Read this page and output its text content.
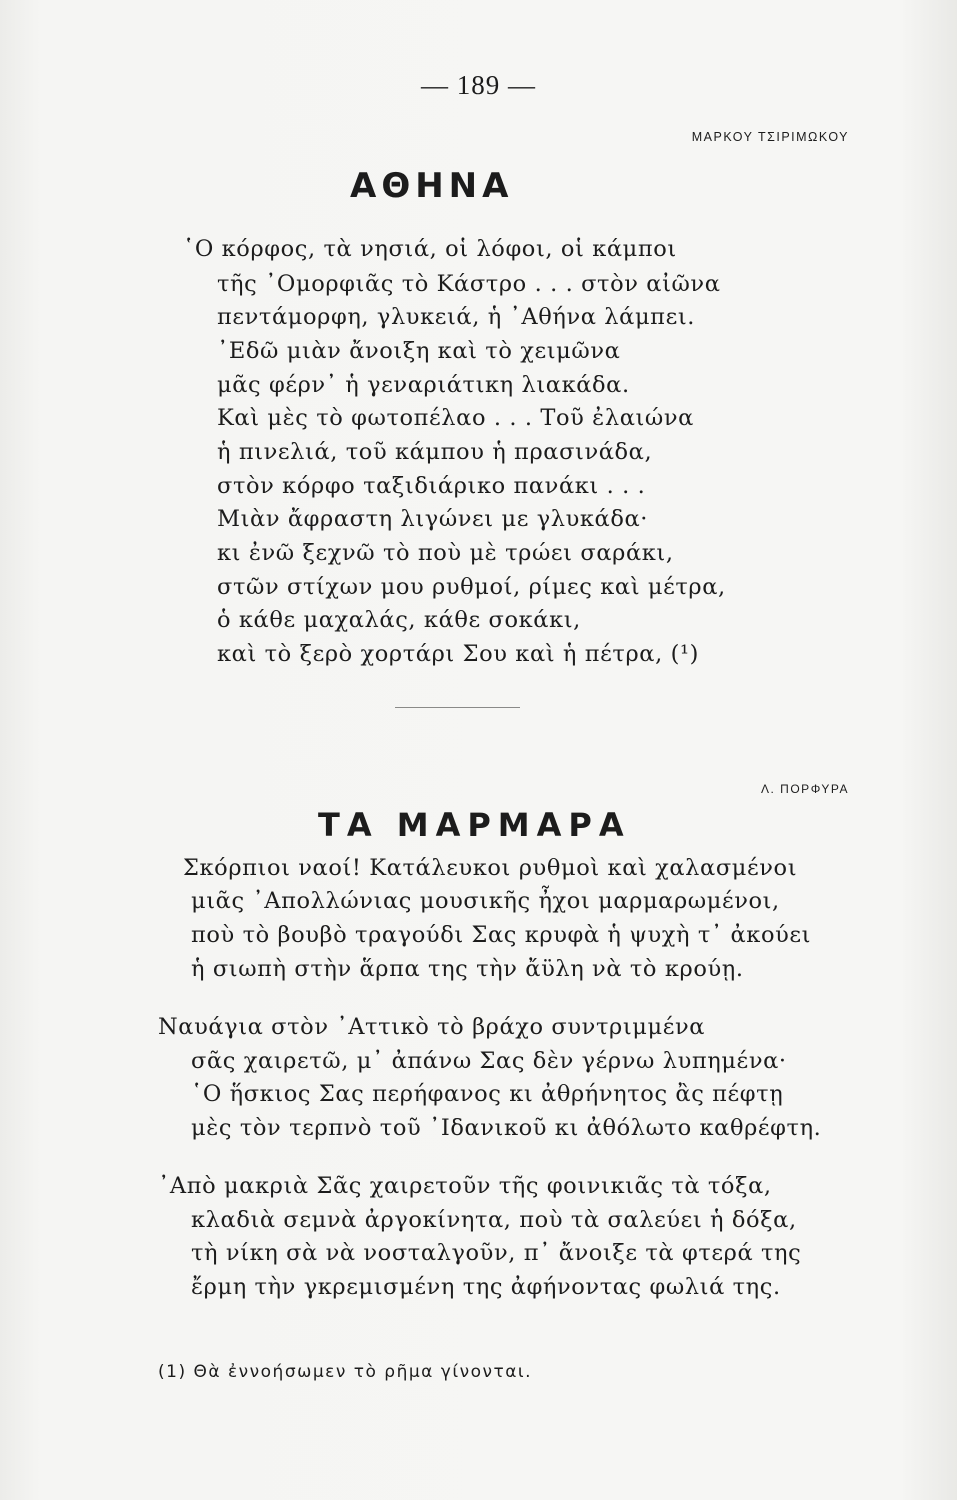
— 189 —
ΜΑΡΚΟΥ ΤΣΙΡΙΜΩΚΟΥ
ΑΘΗΝΑ
῾Ο κόρφος, τὰ νησιά, οἱ λόφοι, οἱ κάμποι
τῆς ᾽Ομορφιᾶς τὸ Κάστρο . . . στὸν αἰῶνα
πεντάμορφη, γλυκειά, ἡ ᾽Αθήνα λάμπει.
᾽Εδῶ μιὰν ἄνοιξη καὶ τὸ χειμῶνα
μᾶς φέρν᾽ ἡ γεναριάτικη λιακάδα.
Καὶ μὲς τὸ φωτοπέλαο . . . Τοῦ ἐλαιώνα
ἡ πινελιά, τοῦ κάμπου ἡ πρασινάδα,
στὸν κόρφο ταξιδιάρικο πανάκι . . .
Μιὰν ἄφραστη λιγώνει με γλυκάδα·
κι ἐνῶ ξεχνῶ τὸ ποὺ μὲ τρώει σαράκι,
στῶν στίχων μου ρυθμοί, ρίμες καὶ μέτρα,
ὁ κάθε μαχαλάς, κάθε σοκάκι,
καὶ τὸ ξερὸ χορτάρι Σου καὶ ἡ πέτρα, (¹)
Λ. ΠΟΡΦΥΡΑ
ΤΑ ΜΑΡΜΑΡΑ
Σκόρπιοι ναοί! Κατάλευκοι ρυθμοὶ καὶ χαλασμένοι
μιᾶς ᾽Απολλώνιας μουσικῆς ἦχοι μαρμαρωμένοι,
ποὺ τὸ βουβὸ τραγούδι Σας κρυφὰ ἡ ψυχὴ τ᾽ ἀκούει
ἡ σιωπὴ στὴν ἅρπα της τὴν ἄϋλη νὰ τὸ κρούῃ.
Ναυάγια στὸν ᾽Αττικὸ τὸ βράχο συντριμμένα
σᾶς χαιρετῶ, μ᾽ ἀπάνω Σας δὲν γέρνω λυπημένα·
῾Ο ἥσκιος Σας περήφανος κι ἀθρήνητος ἂς πέφτῃ
μὲς τὸν τερπνὸ τοῦ ᾽Ιδανικοῦ κι ἀθόλωτο καθρέφτη.
᾽Απὸ μακριὰ Σᾶς χαιρετοῦν τῆς φοινικιᾶς τὰ τόξα,
κλαδιὰ σεμνὰ ἀργοκίνητα, ποὺ τὰ σαλεύει ἡ δόξα,
τὴ νίκη σὰ νὰ νοσταλγοῦν, π᾽ ἄνοιξε τὰ φτερά της
ἔρμη τὴν γκρεμισμένη της ἀφήνοντας φωλιά της.
(1) Θὰ ἐννοήσωμεν τὸ ρῆμα γίνονται.
